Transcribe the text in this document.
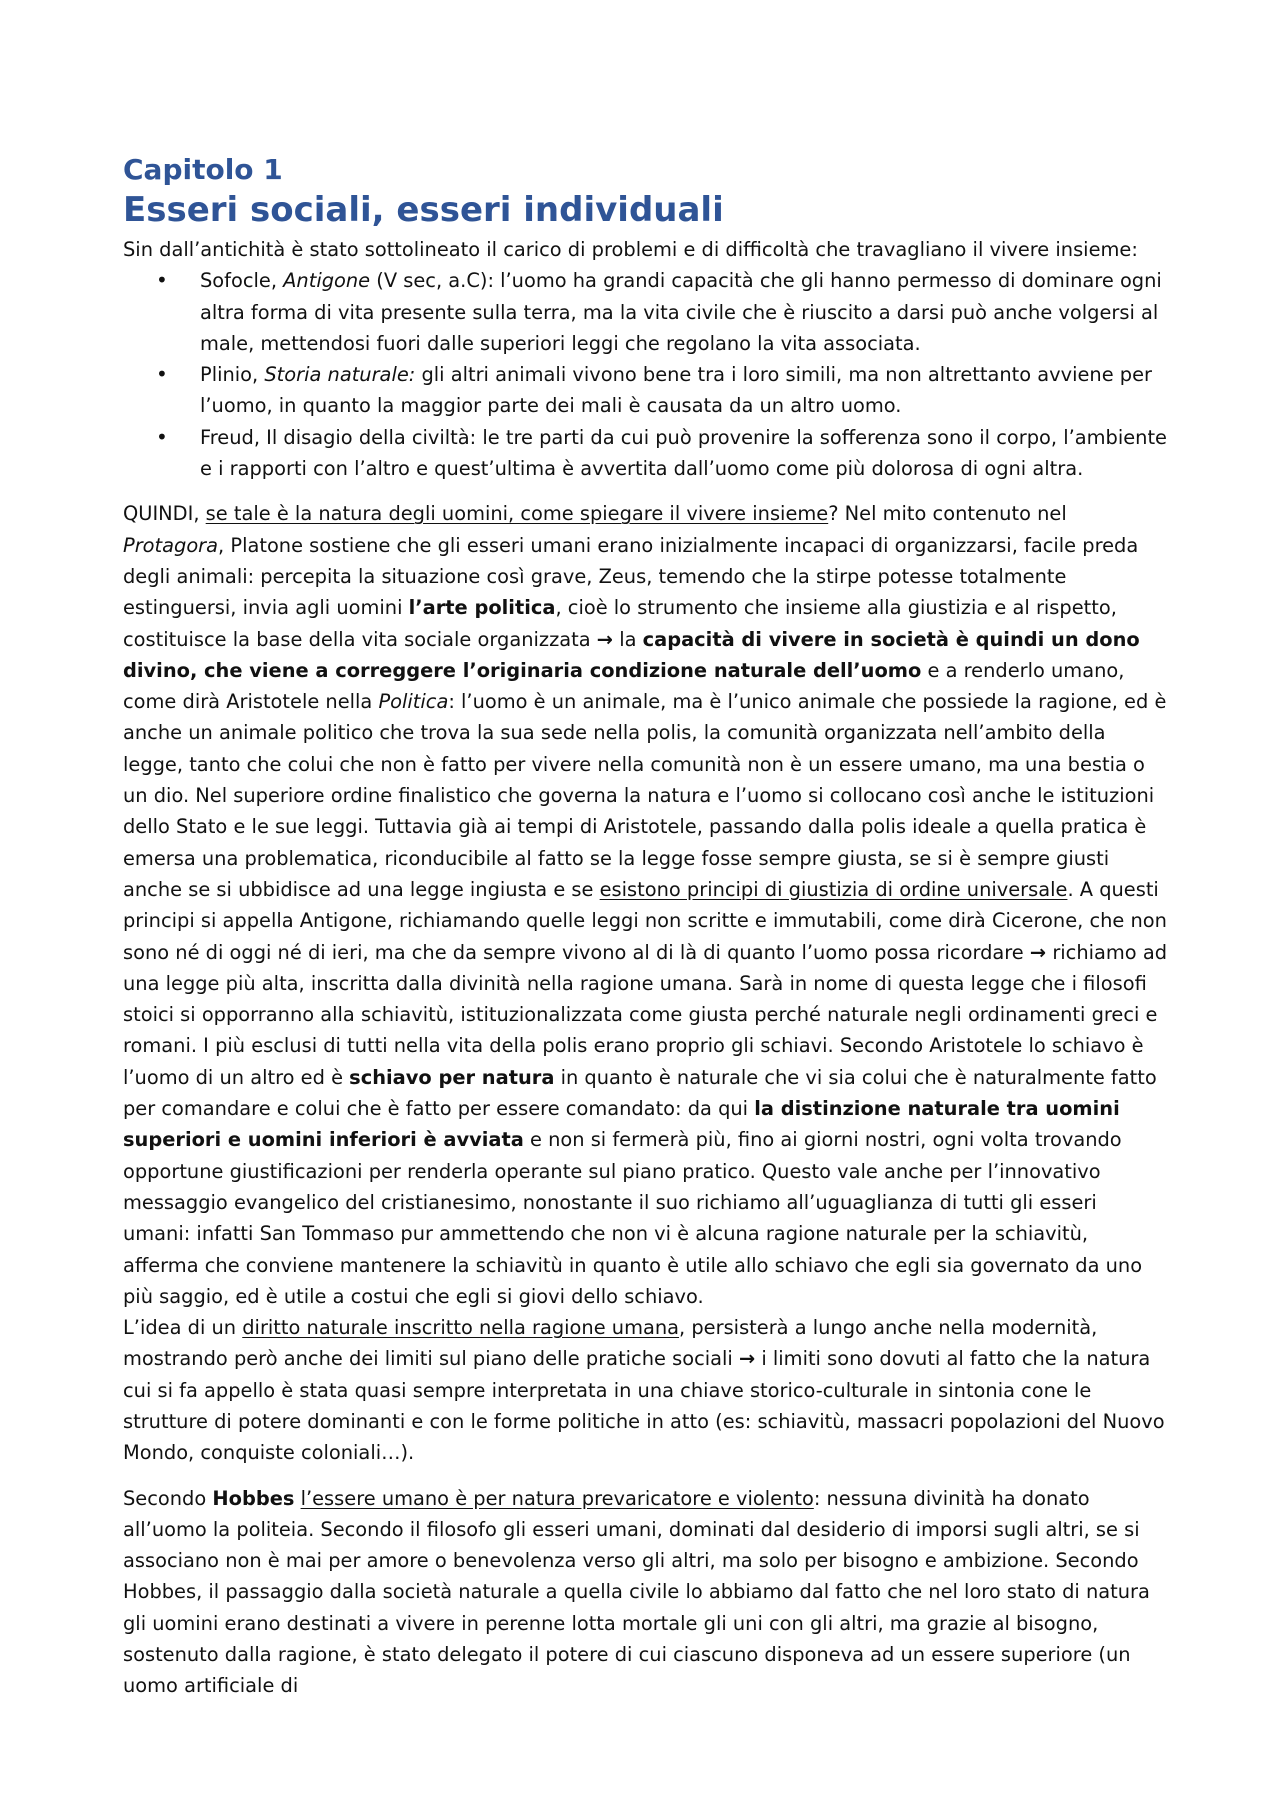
Capitolo 1
Esseri sociali, esseri individuali

Sin dall’antichità è stato sottolineato il carico di problemi e di difficoltà che travagliano il vivere insieme:

• Sofocle, Antigone (V sec, a.C): l’uomo ha grandi capacità che gli hanno permesso di dominare ogni altra forma di vita presente sulla terra, ma la vita civile che è riuscito a darsi può anche volgersi al male, mettendosi fuori dalle superiori leggi che regolano la vita associata.
• Plinio, Storia naturale: gli altri animali vivono bene tra i loro simili, ma non altrettanto avviene per l’uomo, in quanto la maggior parte dei mali è causata da un altro uomo.
• Freud, Il disagio della civiltà: le tre parti da cui può provenire la sofferenza sono il corpo, l’ambiente e i rapporti con l’altro e quest’ultima è avvertita dall’uomo come più dolorosa di ogni altra.

QUINDI, se tale è la natura degli uomini, come spiegare il vivere insieme? Nel mito contenuto nel Protagora, Platone sostiene che gli esseri umani erano inizialmente incapaci di organizzarsi, facile preda degli animali: percepita la situazione così grave, Zeus, temendo che la stirpe potesse totalmente estinguersi, invia agli uomini l’arte politica, cioè lo strumento che insieme alla giustizia e al rispetto, costituisce la base della vita sociale organizzata → la capacità di vivere in società è quindi un dono divino, che viene a correggere l’originaria condizione naturale dell’uomo e a renderlo umano, come dirà Aristotele nella Politica: l’uomo è un animale, ma è l’unico animale che possiede la ragione, ed è anche un animale politico che trova la sua sede nella polis, la comunità organizzata nell’ambito della legge, tanto che colui che non è fatto per vivere nella comunità non è un essere umano, ma una bestia o un dio. Nel superiore ordine finalistico che governa la natura e l’uomo si collocano così anche le istituzioni dello Stato e le sue leggi. Tuttavia già ai tempi di Aristotele, passando dalla polis ideale a quella pratica è emersa una problematica, riconducibile al fatto se la legge fosse sempre giusta, se si è sempre giusti anche se si ubbidisce ad una legge ingiusta e se esistono principi di giustizia di ordine universale. A questi principi si appella Antigone, richiamando quelle leggi non scritte e immutabili, come dirà Cicerone, che non sono né di oggi né di ieri, ma che da sempre vivono al di là di quanto l’uomo possa ricordare → richiamo ad una legge più alta, inscritta dalla divinità nella ragione umana. Sarà in nome di questa legge che i filosofi stoici si opporranno alla schiavitù, istituzionalizzata come giusta perché naturale negli ordinamenti greci e romani. I più esclusi di tutti nella vita della polis erano proprio gli schiavi. Secondo Aristotele lo schiavo è l’uomo di un altro ed è schiavo per natura in quanto è naturale che vi sia colui che è naturalmente fatto per comandare e colui che è fatto per essere comandato: da qui la distinzione naturale tra uomini superiori e uomini inferiori è avviata e non si fermerà più, fino ai giorni nostri, ogni volta trovando opportune giustificazioni per renderla operante sul piano pratico. Questo vale anche per l’innovativo messaggio evangelico del cristianesimo, nonostante il suo richiamo all’uguaglianza di tutti gli esseri umani: infatti San Tommaso pur ammettendo che non vi è alcuna ragione naturale per la schiavitù, afferma che conviene mantenere la schiavitù in quanto è utile allo schiavo che egli sia governato da uno più saggio, ed è utile a costui che egli si giovi dello schiavo.

L’idea di un diritto naturale inscritto nella ragione umana, persisterà a lungo anche nella modernità, mostrando però anche dei limiti sul piano delle pratiche sociali → i limiti sono dovuti al fatto che la natura cui si fa appello è stata quasi sempre interpretata in una chiave storico-culturale in sintonia cone le strutture di potere dominanti e con le forme politiche in atto (es: schiavitù, massacri popolazioni del Nuovo Mondo, conquiste coloniali…).

Secondo Hobbes l’essere umano è per natura prevaricatore e violento: nessuna divinità ha donato all’uomo la politeia. Secondo il filosofo gli esseri umani, dominati dal desiderio di imporsi sugli altri, se si associano non è mai per amore o benevolenza verso gli altri, ma solo per bisogno e ambizione. Secondo Hobbes, il passaggio dalla società naturale a quella civile lo abbiamo dal fatto che nel loro stato di natura gli uomini erano destinati a vivere in perenne lotta mortale gli uni con gli altri, ma grazie al bisogno, sostenuto dalla ragione, è stato delegato il potere di cui ciascuno disponeva ad un essere superiore (un uomo artificiale di
